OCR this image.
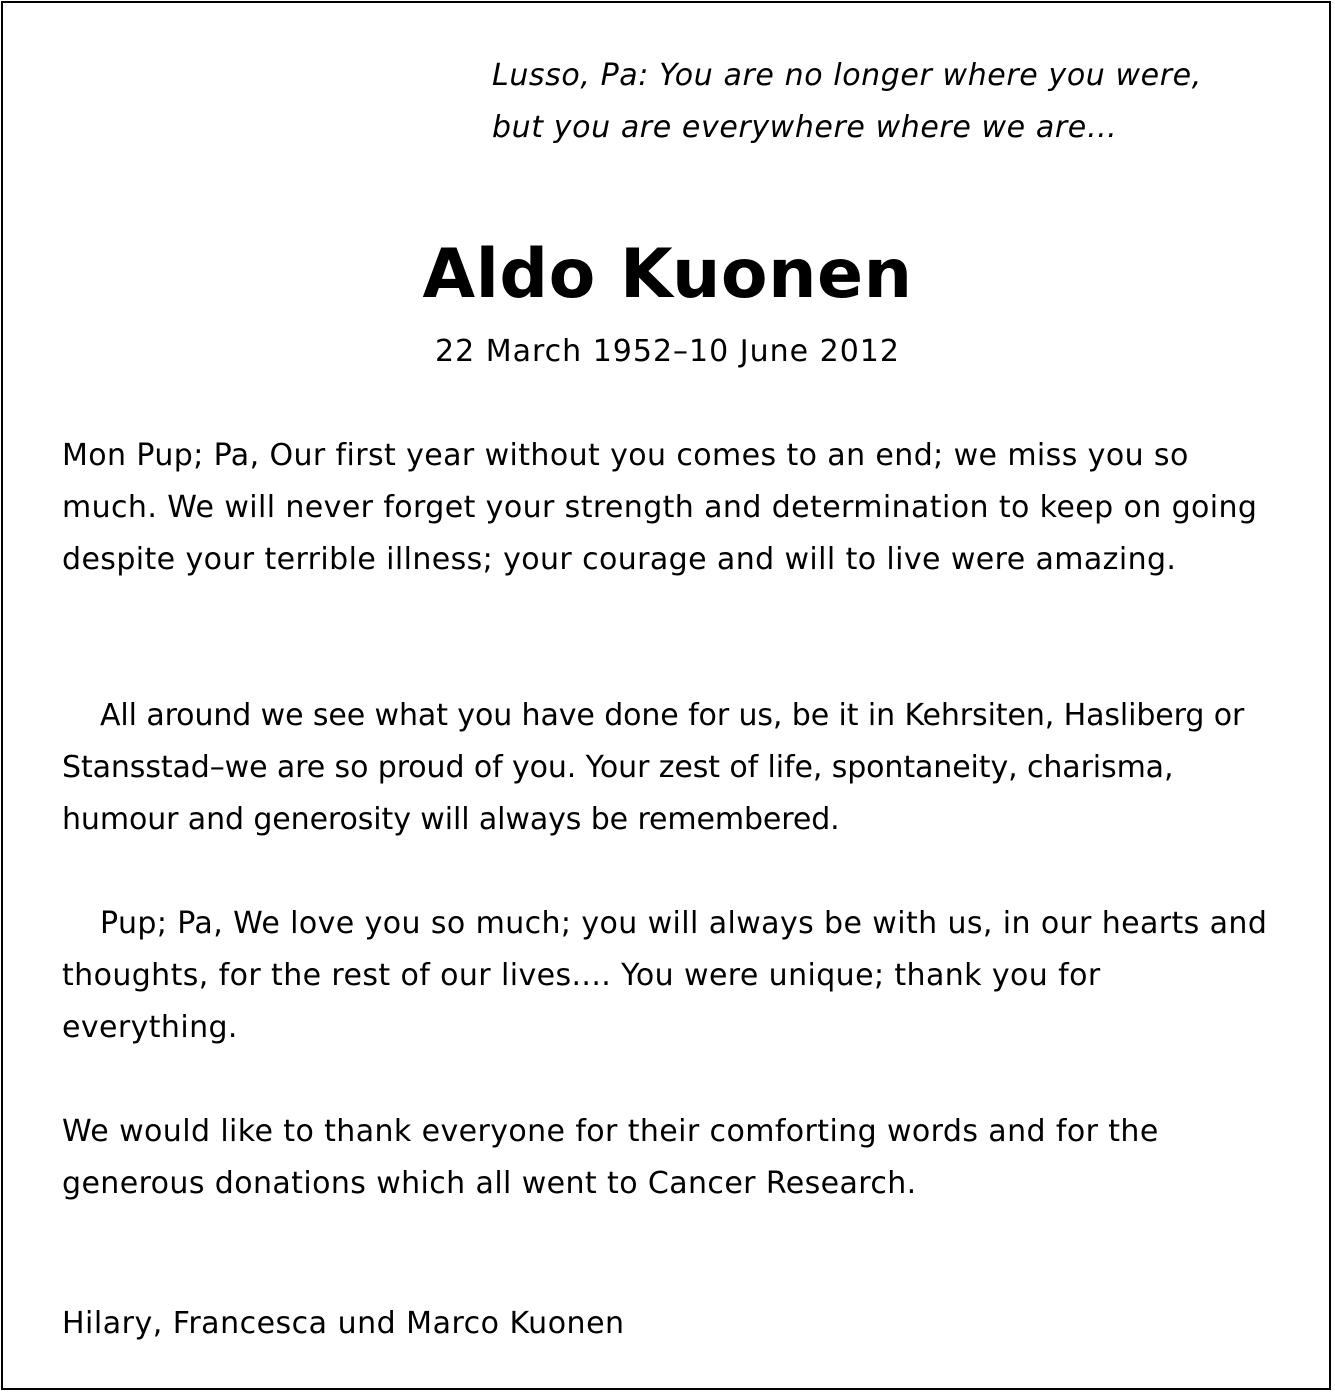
Lusso, Pa: You are no longer where you were,
but you are everywhere where we are…
Aldo Kuonen
22 March 1952–10 June 2012

Mon Pup; Pa, Our first year without you comes to an end; we miss you so much. We will never forget your strength and determination to keep on going despite your terrible illness; your courage and will to live were amazing.

All around we see what you have done for us, be it in Kehrsiten, Hasliberg or Stansstad–we are so proud of you. Your zest of life, spontaneity, charisma, humour and generosity will always be remembered.

Pup; Pa, We love you so much; you will always be with us, in our hearts and thoughts, for the rest of our lives.... You were unique; thank you for everything.

We would like to thank everyone for their comforting words and for the generous donations which all went to Cancer Research.

Hilary, Francesca und Marco Kuonen
